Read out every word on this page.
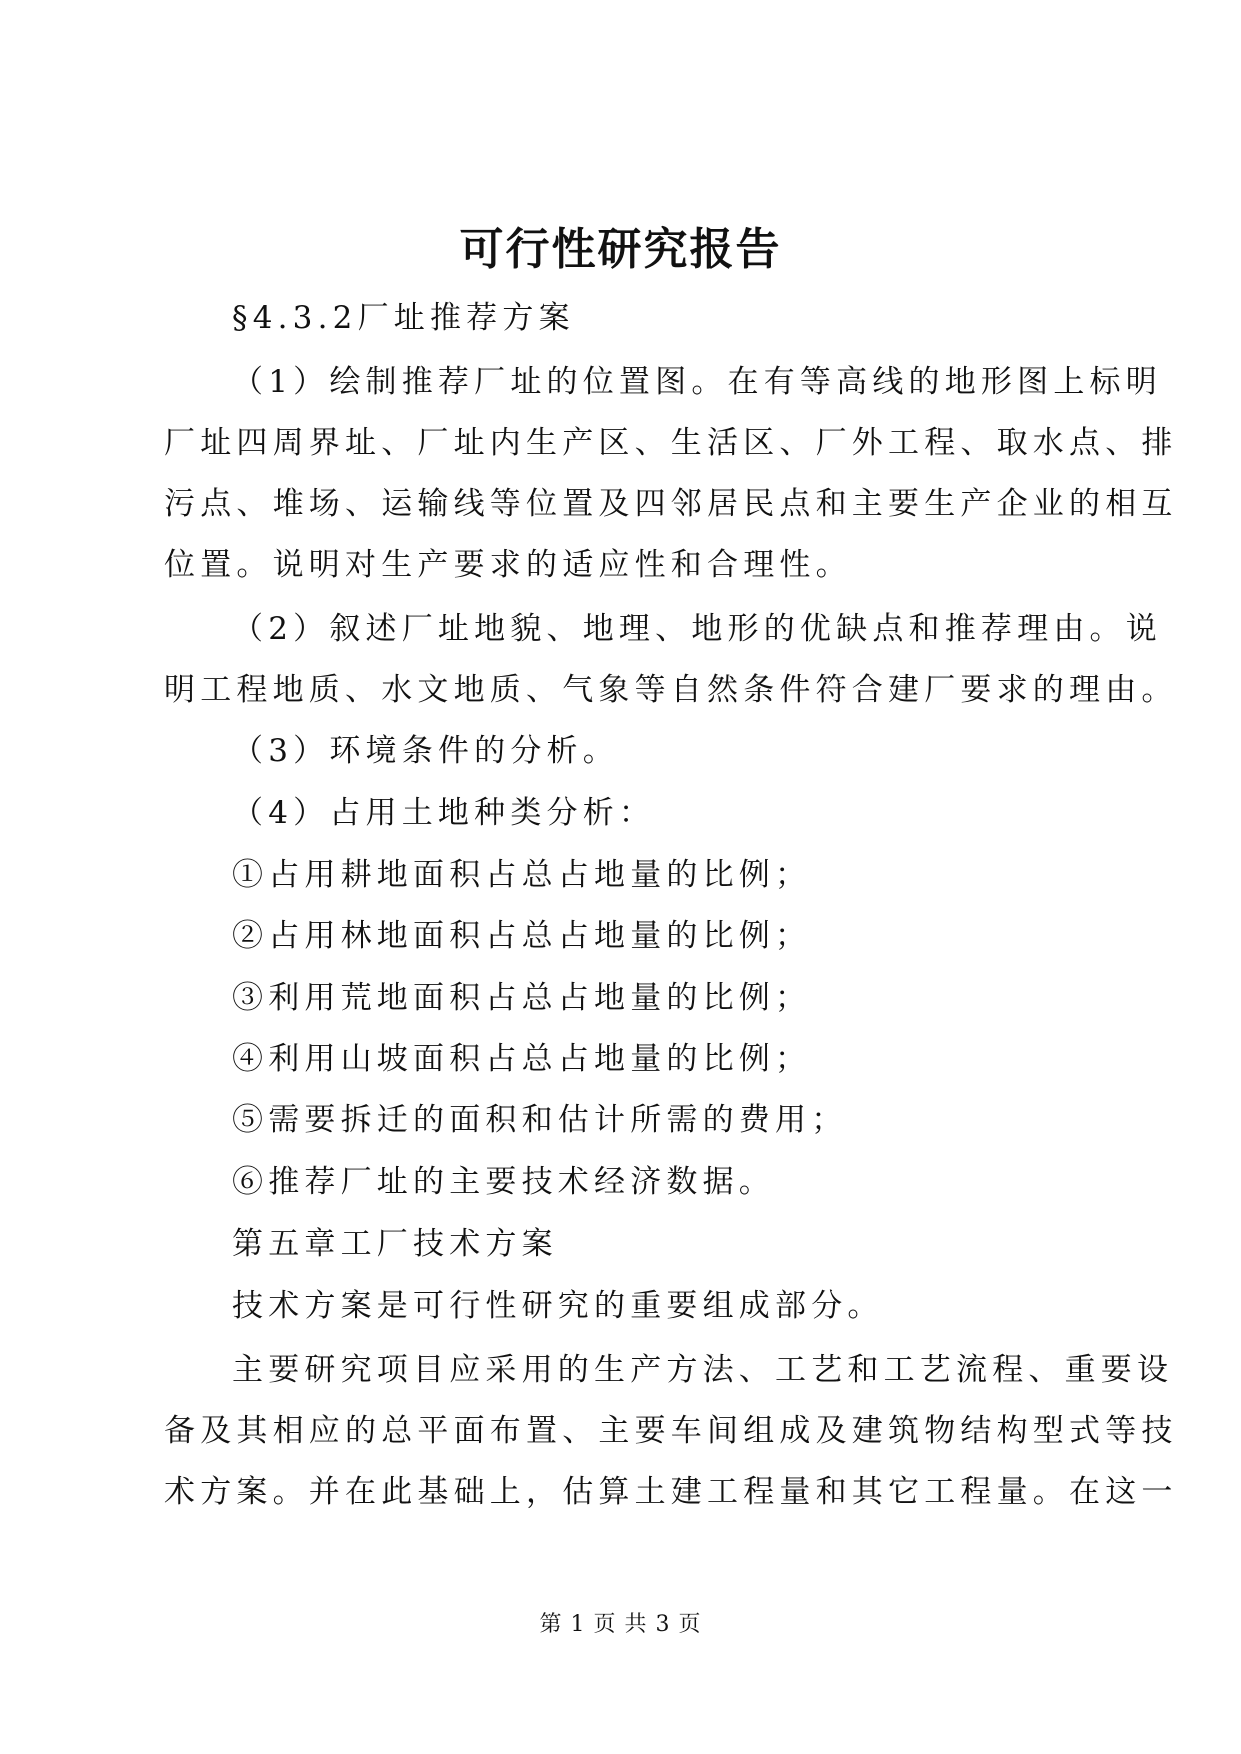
可行性研究报告
§4.3.2厂址推荐方案
（1）绘制推荐厂址的位置图。在有等高线的地形图上标明
厂址四周界址、厂址内生产区、生活区、厂外工程、取水点、排
污点、堆场、运输线等位置及四邻居民点和主要生产企业的相互
位置。说明对生产要求的适应性和合理性。
（2）叙述厂址地貌、地理、地形的优缺点和推荐理由。说
明工程地质、水文地质、气象等自然条件符合建厂要求的理由。
（3）环境条件的分析。
（4）占用土地种类分析：
①占用耕地面积占总占地量的比例；
②占用林地面积占总占地量的比例；
③利用荒地面积占总占地量的比例；
④利用山坡面积占总占地量的比例；
⑤需要拆迁的面积和估计所需的费用；
⑥推荐厂址的主要技术经济数据。
第五章工厂技术方案
技术方案是可行性研究的重要组成部分。
主要研究项目应采用的生产方法、工艺和工艺流程、重要设
备及其相应的总平面布置、主要车间组成及建筑物结构型式等技
术方案。并在此基础上，估算土建工程量和其它工程量。在这一
第 1 页 共 3 页
